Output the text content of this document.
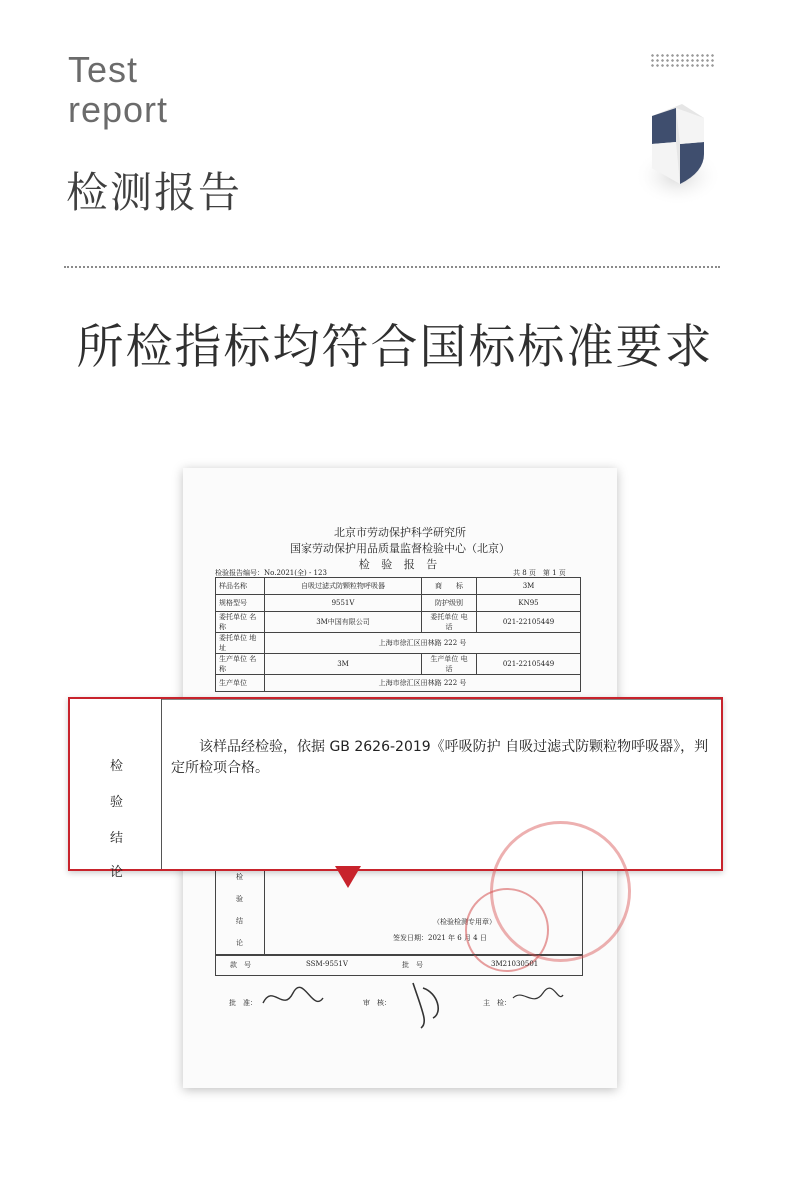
Test
report
检测报告
所检指标均符合国标标准要求
北京市劳动保护科学研究所
国家劳动保护用品质量监督检验中心（北京）
检 验 报 告
检验报告编号：No.2021(全) - 123	共 8 页　第 1 页
样品名称	自吸过滤式防颗粒物呼吸器	商　　标	3M
规格型号	9551V	防护级别	KN95
委托单位 名　称	3M中国有限公司	委托单位 电　话	021-22105449
委托单位 地　址	上海市徐汇区田林路 222 号		
生产单位 名　称	3M	生产单位 电　话	021-22105449
生产单位	上海市徐汇区田林路 222 号		
检
验
结
论
（检验检测专用章）
签发日期：2021 年 6 月 4 日
款　号	SSM-9551V	批　号	3M21030501
批　准：	审　核：	主　检：
检
验
结
论
该样品经检验，依据 GB 2626-2019《呼吸防护 自吸过滤式防颗粒物呼吸器》，判定所检项合格。
